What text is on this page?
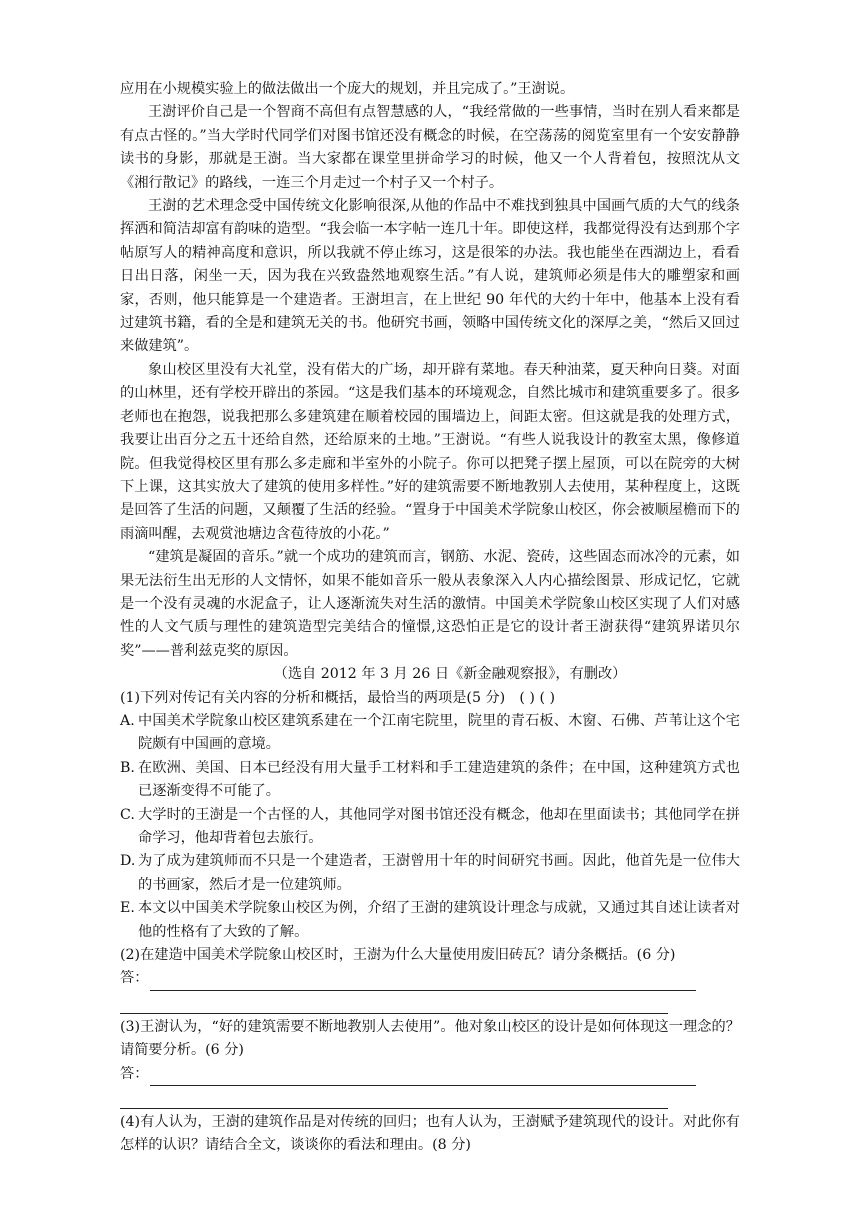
应用在小规模实验上的做法做出一个庞大的规划，并且完成了。”王澍说。

王澍评价自己是一个智商不高但有点智慧感的人，“我经常做的一些事情，当时在别人看来都是有点古怪的。”当大学时代同学们对图书馆还没有概念的时候，在空荡荡的阅览室里有一个安安静静读书的身影，那就是王澍。当大家都在课堂里拼命学习的时候，他又一个人背着包，按照沈从文《湘行散记》的路线，一连三个月走过一个村子又一个村子。

王澍的艺术理念受中国传统文化影响很深,从他的作品中不难找到独具中国画气质的大气的线条挥洒和简洁却富有韵味的造型。“我会临一本字帖一连几十年。即使这样，我都觉得没有达到那个字帖原写人的精神高度和意识，所以我就不停止练习，这是很笨的办法。我也能坐在西湖边上，看看日出日落，闲坐一天，因为我在兴致盎然地观察生活。”有人说，建筑师必须是伟大的雕塑家和画家，否则，他只能算是一个建造者。王澍坦言，在上世纪 90 年代的大约十年中，他基本上没有看过建筑书籍，看的全是和建筑无关的书。他研究书画，领略中国传统文化的深厚之美，“然后又回过来做建筑”。

象山校区里没有大礼堂，没有偌大的广场，却开辟有菜地。春天种油菜，夏天种向日葵。对面的山林里，还有学校开辟出的茶园。“这是我们基本的环境观念，自然比城市和建筑重要多了。很多老师也在抱怨，说我把那么多建筑建在顺着校园的围墙边上，间距太密。但这就是我的处理方式，我要让出百分之五十还给自然，还给原来的土地。”王澍说。“有些人说我设计的教室太黑，像修道院。但我觉得校区里有那么多走廊和半室外的小院子。你可以把凳子摆上屋顶，可以在院旁的大树下上课，这其实放大了建筑的使用多样性。”好的建筑需要不断地教别人去使用，某种程度上，这既是回答了生活的问题，又颠覆了生活的经验。“置身于中国美术学院象山校区，你会被顺屋檐而下的雨滴叫醒，去观赏池塘边含苞待放的小花。”

“建筑是凝固的音乐。”就一个成功的建筑而言，钢筋、水泥、瓷砖，这些固态而冰冷的元素，如果无法衍生出无形的人文情怀，如果不能如音乐一般从表象深入人内心描绘图景、形成记忆，它就是一个没有灵魂的水泥盒子，让人逐渐流失对生活的激情。中国美术学院象山校区实现了人们对感性的人文气质与理性的建筑造型完美结合的憧憬,这恐怕正是它的设计者王澍获得“建筑界诺贝尔奖”——普利兹克奖的原因。

（选自 2012 年 3 月 26 日《新金融观察报》，有删改）

(1)下列对传记有关内容的分析和概括，最恰当的两项是(5 分)　( ) ( )

A. 中国美术学院象山校区建筑系建在一个江南宅院里，院里的青石板、木窗、石佛、芦苇让这个宅院颇有中国画的意境。
B. 在欧洲、美国、日本已经没有用大量手工材料和手工建造建筑的条件；在中国，这种建筑方式也已逐渐变得不可能了。
C. 大学时的王澍是一个古怪的人，其他同学对图书馆还没有概念，他却在里面读书；其他同学在拼命学习，他却背着包去旅行。
D. 为了成为建筑师而不只是一个建造者，王澍曾用十年的时间研究书画。因此，他首先是一位伟大的书画家，然后才是一位建筑师。
E. 本文以中国美术学院象山校区为例，介绍了王澍的建筑设计理念与成就，又通过其自述让读者对他的性格有了大致的了解。

(2)在建造中国美术学院象山校区时，王澍为什么大量使用废旧砖瓦？请分条概括。(6 分)

答：

(3)王澍认为，“好的建筑需要不断地教别人去使用”。他对象山校区的设计是如何体现这一理念的？请简要分析。(6 分)

答：

(4)有人认为，王澍的建筑作品是对传统的回归；也有人认为，王澍赋予建筑现代的设计。对此你有怎样的认识？请结合全文，谈谈你的看法和理由。(8 分)
